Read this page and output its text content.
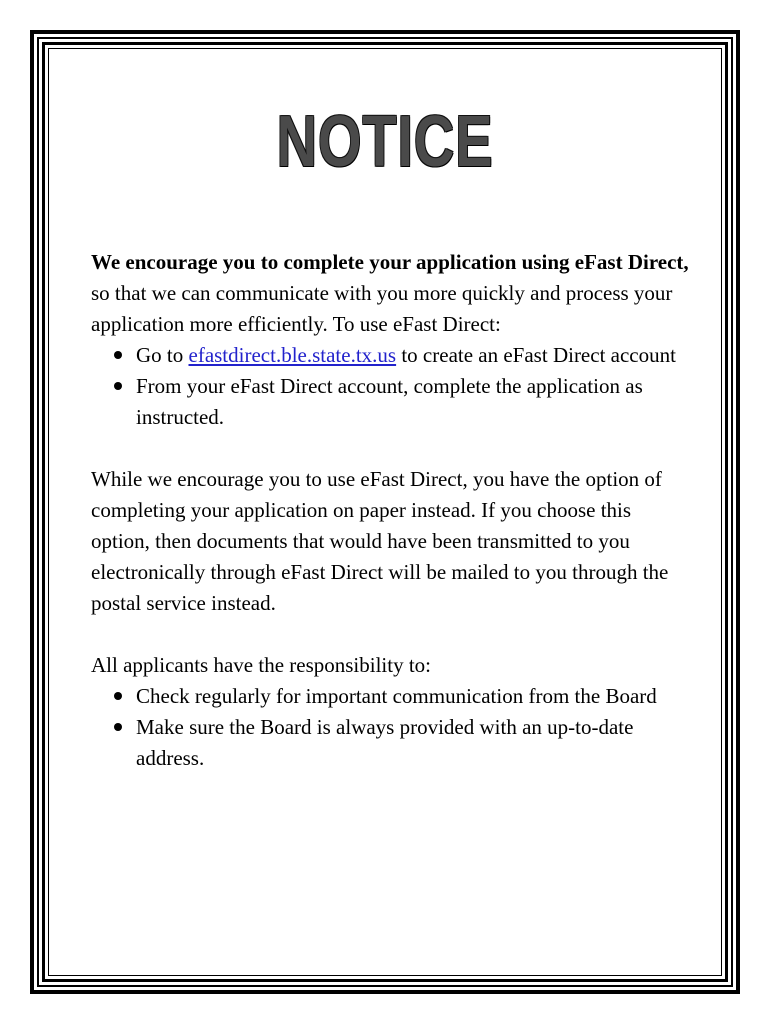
NOTICE

We encourage you to complete your application using eFast Direct, so that we can communicate with you more quickly and process your application more efficiently. To use eFast Direct:

Go to efastdirect.ble.state.tx.us to create an eFast Direct account
From your eFast Direct account, complete the application as instructed.

While we encourage you to use eFast Direct, you have the option of completing your application on paper instead. If you choose this option, then documents that would have been transmitted to you electronically through eFast Direct will be mailed to you through the postal service instead.

All applicants have the responsibility to:

Check regularly for important communication from the Board
Make sure the Board is always provided with an up-to-date address.
